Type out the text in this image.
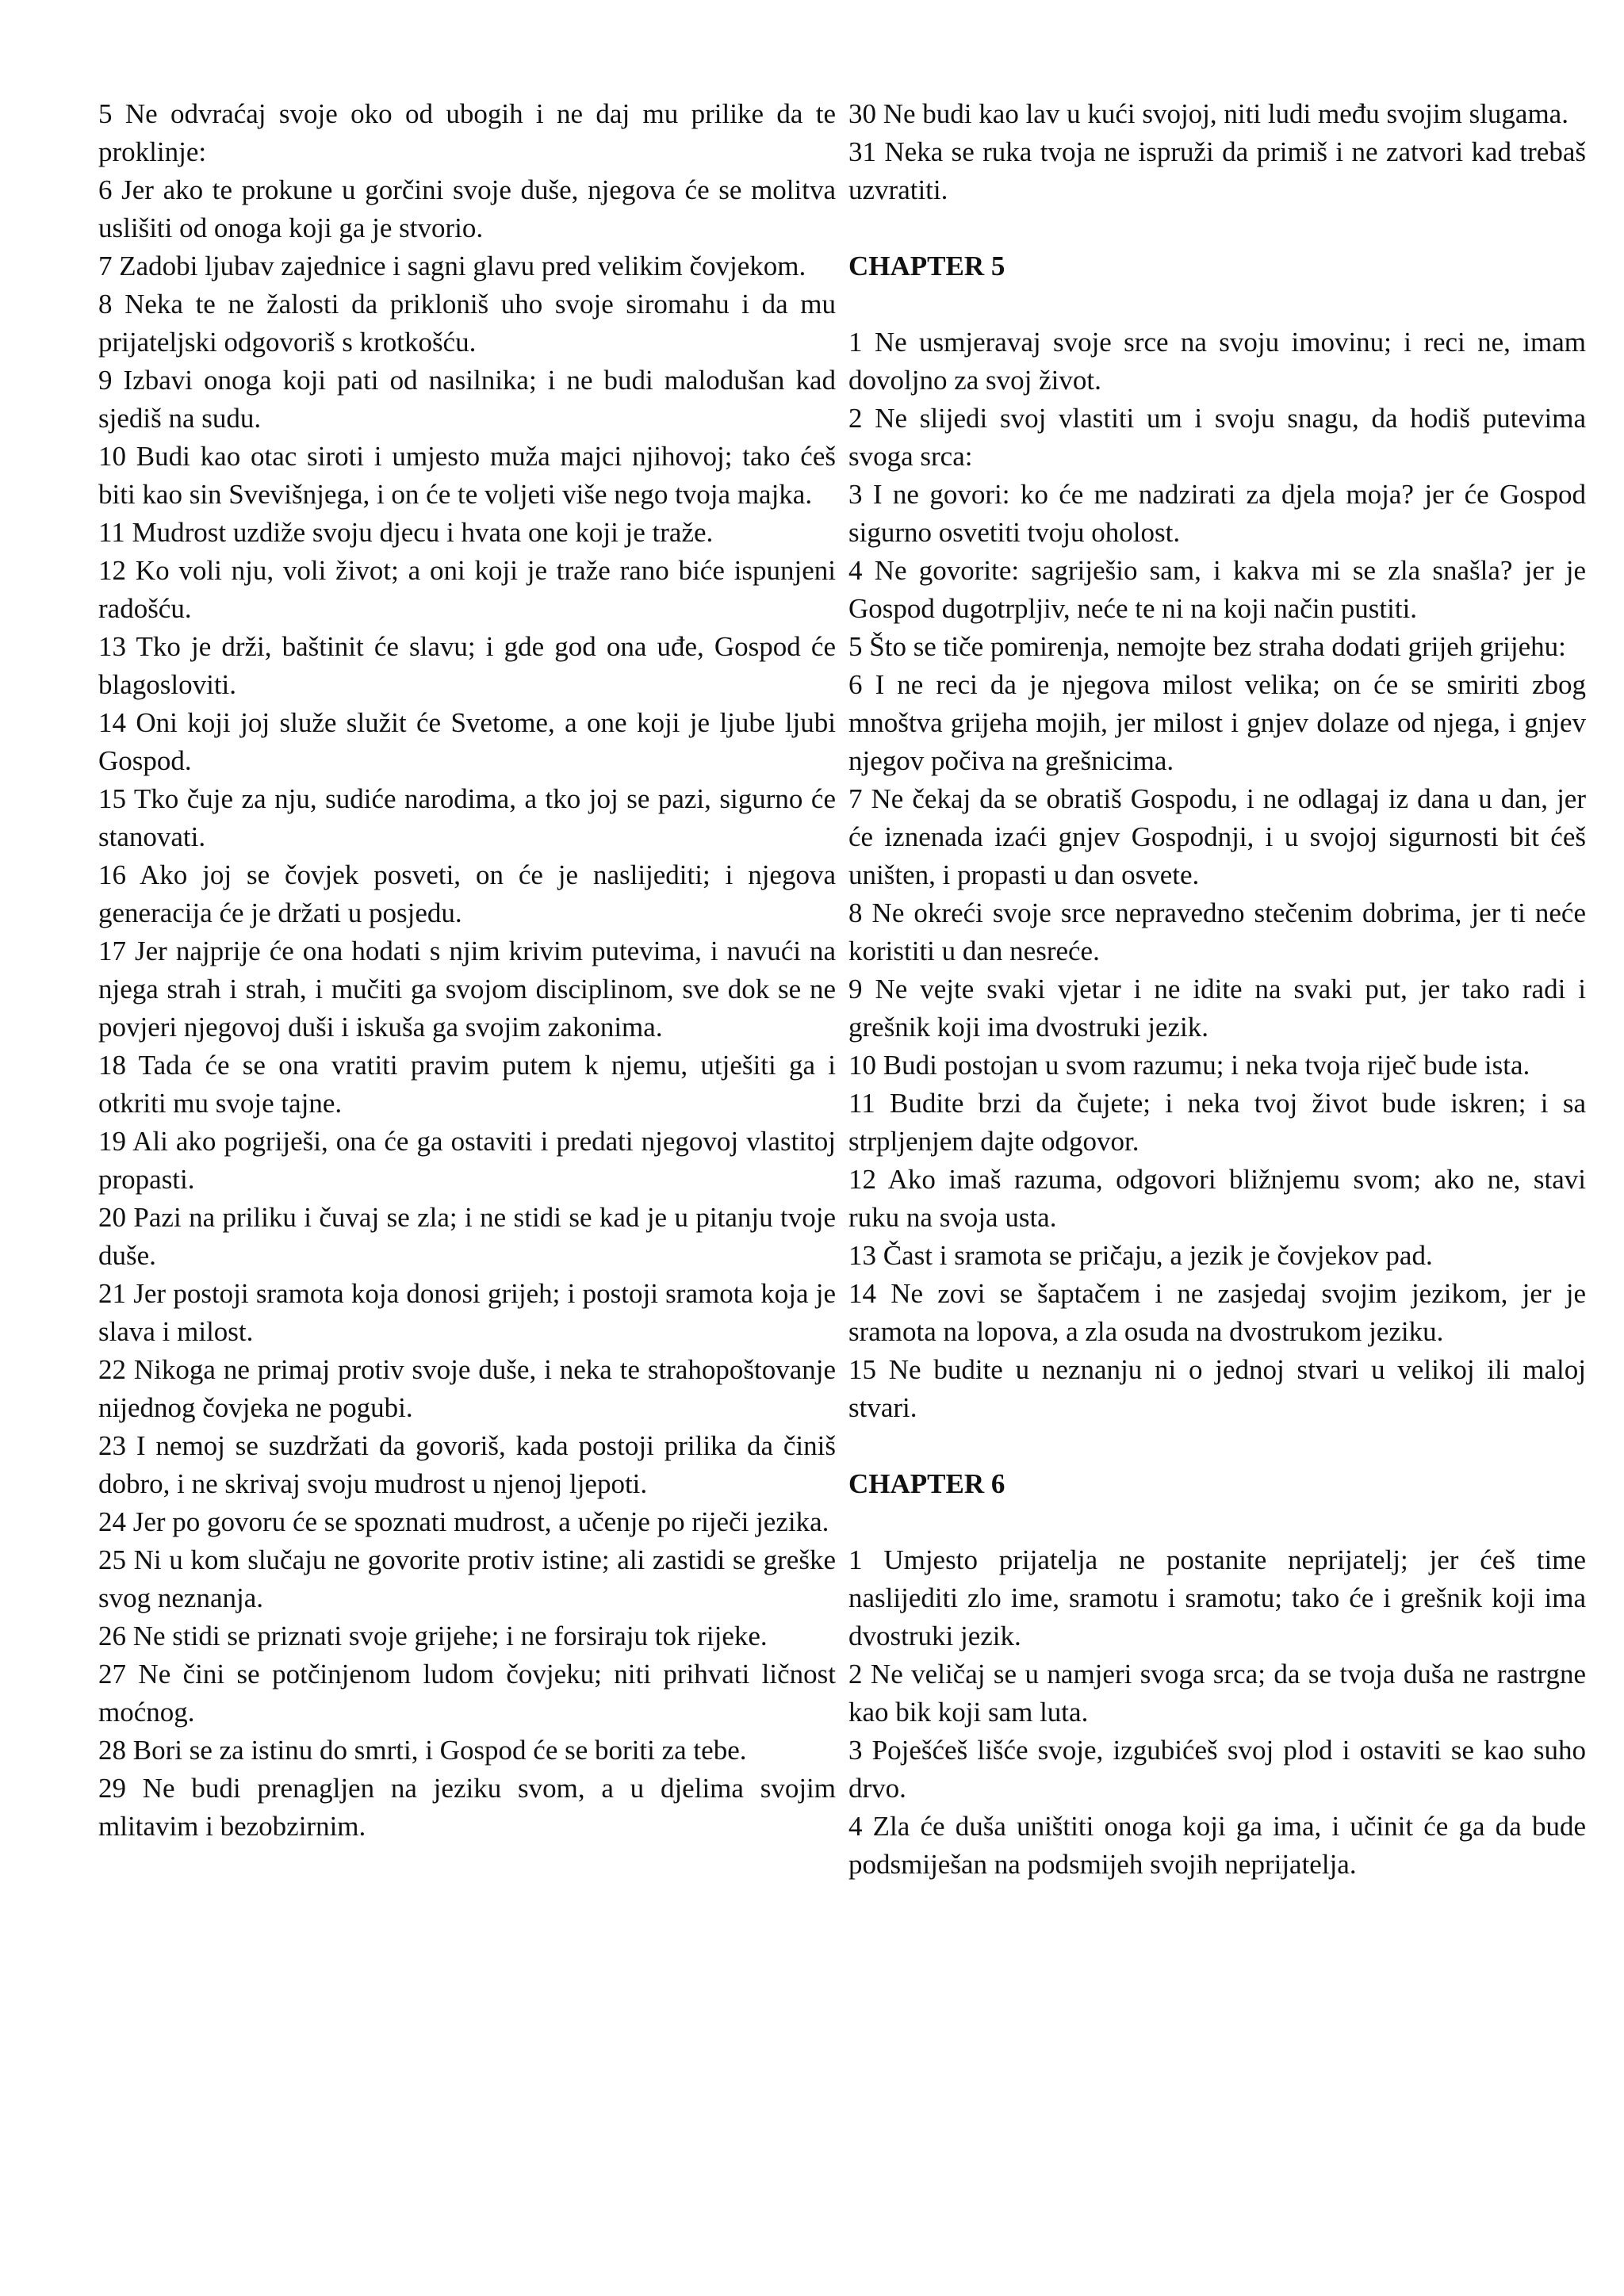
5 Ne odvraćaj svoje oko od ubogih i ne daj mu prilike da te proklinje:

6 Jer ako te prokune u gorčini svoje duše, njegova će se molitva uslišiti od onoga koji ga je stvorio.

7 Zadobi ljubav zajednice i sagni glavu pred velikim čovjekom.

8 Neka te ne žalosti da prikloniš uho svoje siromahu i da mu prijateljski odgovoriš s krotkošću.

9 Izbavi onoga koji pati od nasilnika; i ne budi malodušan kad sjediš na sudu.

10 Budi kao otac siroti i umjesto muža majci njihovoj; tako ćeš biti kao sin Svevišnjega, i on će te voljeti više nego tvoja majka.

11 Mudrost uzdiže svoju djecu i hvata one koji je traže.

12 Ko voli nju, voli život; a oni koji je traže rano biće ispunjeni radošću.

13 Tko je drži, baštinit će slavu; i gde god ona uđe, Gospod će blagosloviti.

14 Oni koji joj služe služit će Svetome, a one koji je ljube ljubi Gospod.

15 Tko čuje za nju, sudiće narodima, a tko joj se pazi, sigurno će stanovati.

16 Ako joj se čovjek posveti, on će je naslijediti; i njegova generacija će je držati u posjedu.

17 Jer najprije će ona hodati s njim krivim putevima, i navući na njega strah i strah, i mučiti ga svojom disciplinom, sve dok se ne povjeri njegovoj duši i iskuša ga svojim zakonima.

18 Tada će se ona vratiti pravim putem k njemu, utješiti ga i otkriti mu svoje tajne.

19 Ali ako pogriješi, ona će ga ostaviti i predati njegovoj vlastitoj propasti.

20 Pazi na priliku i čuvaj se zla; i ne stidi se kad je u pitanju tvoje duše.

21 Jer postoji sramota koja donosi grijeh; i postoji sramota koja je slava i milost.

22 Nikoga ne primaj protiv svoje duše, i neka te strahopoštovanje nijednog čovjeka ne pogubi.

23 I nemoj se suzdržati da govoriš, kada postoji prilika da činiš dobro, i ne skrivaj svoju mudrost u njenoj ljepoti.

24 Jer po govoru će se spoznati mudrost, a učenje po riječi jezika.

25 Ni u kom slučaju ne govorite protiv istine; ali zastidi se greške svog neznanja.

26 Ne stidi se priznati svoje grijehe; i ne forsiraju tok rijeke.

27 Ne čini se potčinjenom ludom čovjeku; niti prihvati ličnost moćnog.

28 Bori se za istinu do smrti, i Gospod će se boriti za tebe.

29 Ne budi prenagljen na jeziku svom, a u djelima svojim mlitavim i bezobzirnim.

30 Ne budi kao lav u kući svojoj, niti ludi među svojim slugama.

31 Neka se ruka tvoja ne ispruži da primiš i ne zatvori kad trebaš uzvratiti.

CHAPTER 5

1 Ne usmjeravaj svoje srce na svoju imovinu; i reci ne, imam dovoljno za svoj život.

2 Ne slijedi svoj vlastiti um i svoju snagu, da hodiš putevima svoga srca:

3 I ne govori: ko će me nadzirati za djela moja? jer će Gospod sigurno osvetiti tvoju oholost.

4 Ne govorite: sagriješio sam, i kakva mi se zla snašla? jer je Gospod dugotrpljiv, neće te ni na koji način pustiti.

5 Što se tiče pomirenja, nemojte bez straha dodati grijeh grijehu:

6 I ne reci da je njegova milost velika; on će se smiriti zbog mnoštva grijeha mojih, jer milost i gnjev dolaze od njega, i gnjev njegov počiva na grešnicima.

7 Ne čekaj da se obratiš Gospodu, i ne odlagaj iz dana u dan, jer će iznenada izaći gnjev Gospodnji, i u svojoj sigurnosti bit ćeš uništen, i propasti u dan osvete.

8 Ne okreći svoje srce nepravedno stečenim dobrima, jer ti neće koristiti u dan nesreće.

9 Ne vejte svaki vjetar i ne idite na svaki put, jer tako radi i grešnik koji ima dvostruki jezik.

10 Budi postojan u svom razumu; i neka tvoja riječ bude ista.

11 Budite brzi da čujete; i neka tvoj život bude iskren; i sa strpljenjem dajte odgovor.

12 Ako imaš razuma, odgovori bližnjemu svom; ako ne, stavi ruku na svoja usta.

13 Čast i sramota se pričaju, a jezik je čovjekov pad.

14 Ne zovi se šaptačem i ne zasjedaj svojim jezikom, jer je sramota na lopova, a zla osuda na dvostrukom jeziku.

15 Ne budite u neznanju ni o jednoj stvari u velikoj ili maloj stvari.

CHAPTER 6

1 Umjesto prijatelja ne postanite neprijatelj; jer ćeš time naslijediti zlo ime, sramotu i sramotu; tako će i grešnik koji ima dvostruki jezik.

2 Ne veličaj se u namjeri svoga srca; da se tvoja duša ne rastrgne kao bik koji sam luta.

3 Poješćeš lišće svoje, izgubićeš svoj plod i ostaviti se kao suho drvo.

4 Zla će duša uništiti onoga koji ga ima, i učinit će ga da bude podsmiješan na podsmijeh svojih neprijatelja.
